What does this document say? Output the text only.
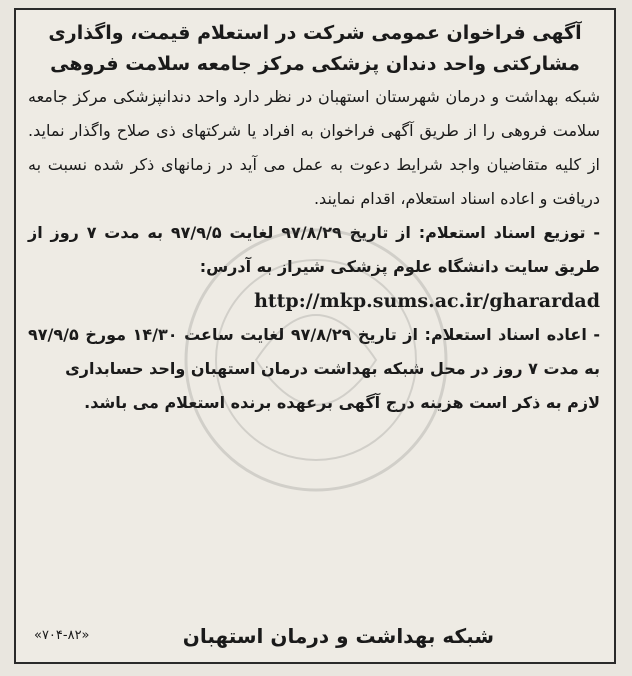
آگهی فراخوان عمومی شرکت در استعلام قیمت، واگذاری
مشارکتی واحد دندان پزشکی مرکز جامعه سلامت فروهی

شبکه بهداشت و درمان شهرستان استهبان در نظر دارد واحد دندانپزشکی مرکز جامعه سلامت فروهی را از طریق آگهی فراخوان به افراد یا شرکتهای ذی صلاح واگذار نماید. از کلیه متقاضیان واجد شرایط دعوت به عمل می آید در زمانهای ذکر شده نسبت به دریافت و اعاده اسناد استعلام، اقدام نمایند.

- توزیع اسناد استعلام: از تاریخ ۹۷/۸/۲۹ لغایت ۹۷/۹/۵ به مدت ۷ روز از طریق سایت دانشگاه علوم پزشکی شیراز به آدرس:

http://mkp.sums.ac.ir/gharardad

- اعاده اسناد استعلام: از تاریخ ۹۷/۸/۲۹ لغایت ساعت ۱۴/۳۰ مورخ ۹۷/۹/۵ به مدت ۷ روز در محل شبکه بهداشت درمان استهبان واحد حسابداری

لازم به ذکر است هزینه درج آگهی برعهده برنده استعلام می باشد.

شبکه بهداشت و درمان استهبان
«۷۰۴-۸۲»
